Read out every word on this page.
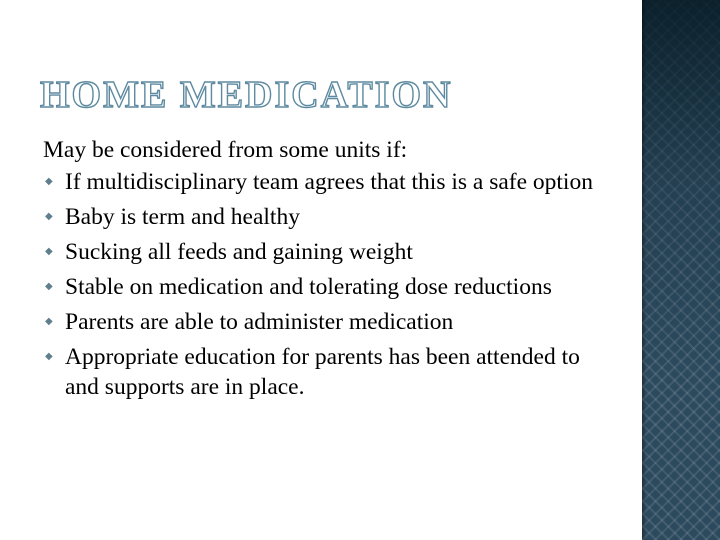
HOME MEDICATION

May be considered from some units if:

◆ If multidisciplinary team agrees that this is a safe option
◆ Baby is term and healthy
◆ Sucking all feeds and gaining weight
◆ Stable on medication and tolerating dose reductions
◆ Parents are able to administer medication
◆ Appropriate education for parents has been attended to and supports are in place.
